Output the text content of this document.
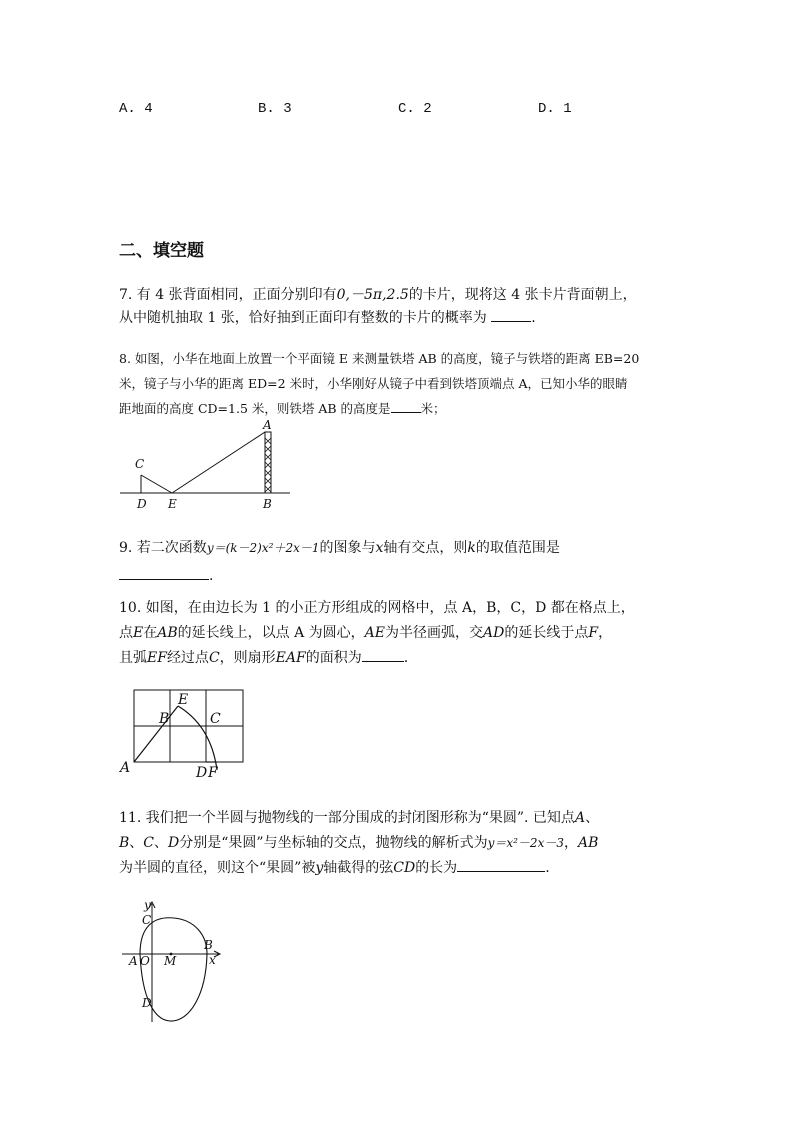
A. 4	B. 3	C. 2	D. 1
二、填空题

7. 有 4 张背面相同，正面分别印有0,－5π,2.5的卡片，现将这 4 张卡片背面朝上，

从中随机抽取 1 张，恰好抽到正面印有整数的卡片的概率为	.

8. 如图，小华在地面上放置一个平面镜 E 来测量铁塔 AB 的高度，镜子与铁塔的距离 EB=20

米，镜子与小华的距离 ED=2 米时，小华刚好从镜子中看到铁塔顶端点 A，已知小华的眼睛

距地面的高度 CD=1.5 米，则铁塔 AB 的高度是 米；

A
B
C
D E

9. 若二次函数y＝(k－2)x²＋2x－1的图象与x轴有交点，则k的取值范围是

.

10. 如图，在由边长为 1 的小正方形组成的网格中，点 A，B，C，D 都在格点上，

点E在AB的延长线上，以点 A 为圆心，AE为半径画弧，交AD的延长线于点F，

且弧EF经过点C，则扇形EAF的面积为	.

A
B	C
D
E
F

11. 我们把一个半圆与抛物线的一部分围成的封闭图形称为“果圆”. 已知点A、

B、C、D分别是“果圆”与坐标轴的交点，抛物线的解析式为y＝x²－2x－3，AB

为半圆的直径，则这个“果圆”被y轴截得的弦CD的长为	.

y
x
A O M
B
C
D
